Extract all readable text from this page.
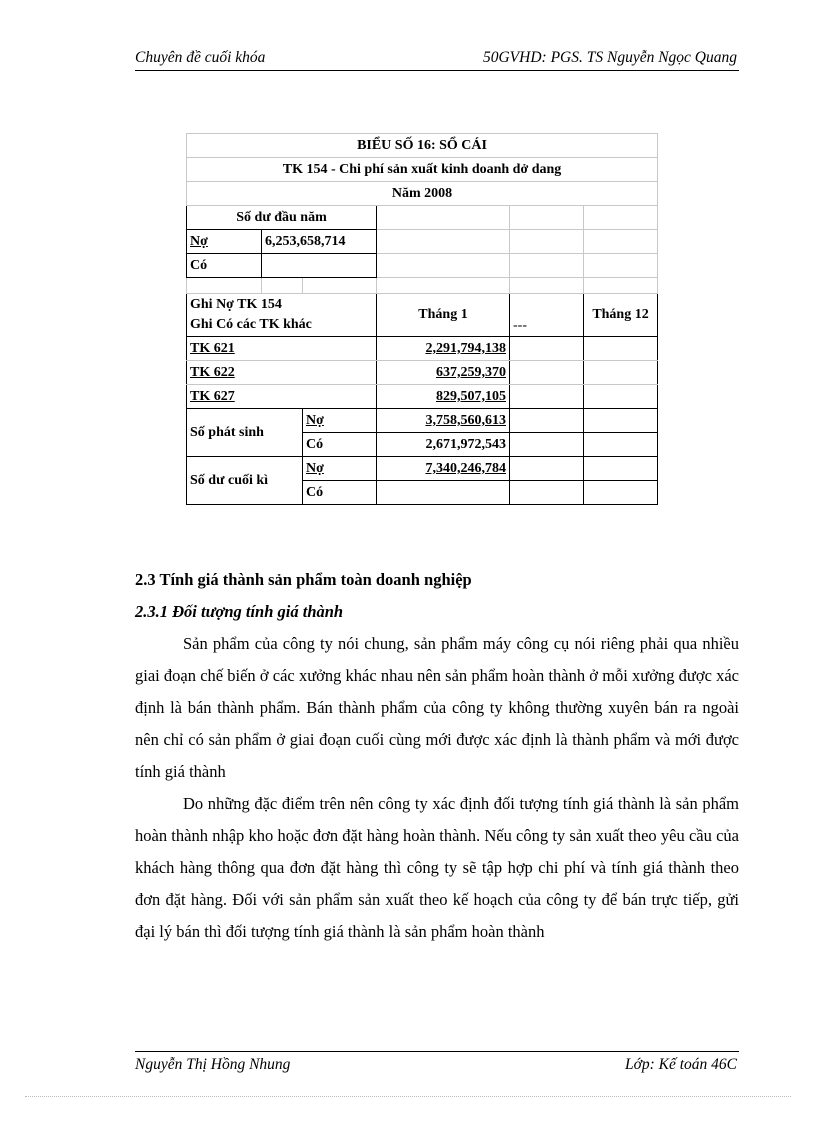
Chuyên đề cuối khóa	50GVHD: PGS. TS Nguyễn Ngọc Quang
BIỂU SỐ 16: SỔ CÁI					
TK 154 - Chi phí sản xuất kinh doanh dở dang					
Năm 2008					
Số dư đầu năm					
Nợ	6,253,658,714				
Có					

Ghi Nợ TK 154
Ghi Có các TK khác			Tháng 1	---	Tháng 12
TK 621			2,291,794,138		
TK 622			637,259,370		
TK 627			829,507,105		
Số phát sinh		Nợ	3,758,560,613		
		Có	2,671,972,543		
Số dư cuối kì		Nợ	7,340,246,784		
		Có			
2.3 Tính giá thành sản phẩm toàn doanh nghiệp
2.3.1 Đối tượng tính giá thành

Sản phẩm của công ty nói chung, sản phẩm máy công cụ nói riêng phải qua nhiều giai đoạn chế biến ở các xưởng khác nhau nên sản phẩm hoàn thành ở mỗi xưởng được xác định là bán thành phẩm. Bán thành phẩm của công ty không thường xuyên bán ra ngoài nên chỉ có sản phẩm ở giai đoạn cuối cùng mới được xác định là thành phẩm và mới được tính giá thành

Do những đặc điểm trên nên công ty xác định đối tượng tính giá thành là sản phẩm hoàn thành nhập kho hoặc đơn đặt hàng hoàn thành. Nếu công ty sản xuất theo yêu cầu của khách hàng thông qua đơn đặt hàng thì công ty sẽ tập hợp chi phí và tính giá thành theo đơn đặt hàng. Đối với sản phẩm sản xuất theo kế hoạch của công ty để bán trực tiếp, gửi đại lý bán thì đối tượng tính giá thành là sản phẩm hoàn thành

Nguyễn Thị Hồng Nhung	Lớp: Kế toán 46C
